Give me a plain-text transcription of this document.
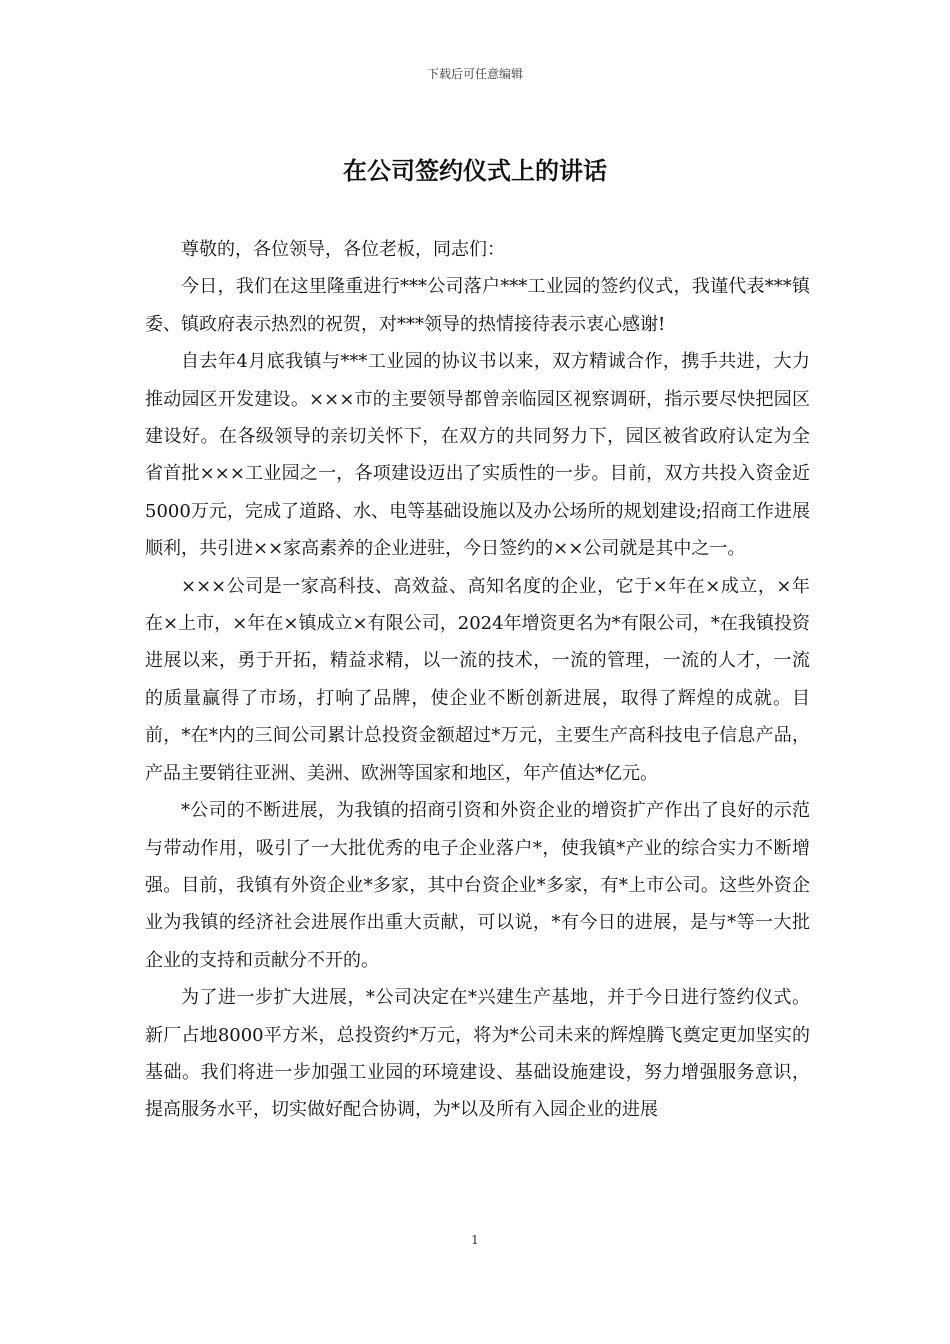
下载后可任意编辑
在公司签约仪式上的讲话

尊敬的，各位领导，各位老板，同志们：

今日，我们在这里隆重进行***公司落户***工业园的签约仪式，我谨代表***镇委、镇政府表示热烈的祝贺，对***领导的热情接待表示衷心感谢!

自去年4月底我镇与***工业园的协议书以来，双方精诚合作，携手共进，大力推动园区开发建设。×××市的主要领导都曾亲临园区视察调研，指示要尽快把园区建设好。在各级领导的亲切关怀下，在双方的共同努力下，园区被省政府认定为全省首批×××工业园之一，各项建设迈出了实质性的一步。目前，双方共投入资金近5000万元，完成了道路、水、电等基础设施以及办公场所的规划建设;招商工作进展顺利，共引进××家高素养的企业进驻，今日签约的××公司就是其中之一。

×××公司是一家高科技、高效益、高知名度的企业，它于×年在×成立，×年在×上市，×年在×镇成立×有限公司，2024年增资更名为*有限公司，*在我镇投资进展以来，勇于开拓，精益求精，以一流的技术，一流的管理，一流的人才，一流的质量赢得了市场，打响了品牌，使企业不断创新进展，取得了辉煌的成就。目前，*在*内的三间公司累计总投资金额超过*万元，主要生产高科技电子信息产品，产品主要销往亚洲、美洲、欧洲等国家和地区，年产值达*亿元。

*公司的不断进展，为我镇的招商引资和外资企业的增资扩产作出了良好的示范与带动作用，吸引了一大批优秀的电子企业落户*，使我镇*产业的综合实力不断增强。目前，我镇有外资企业*多家，其中台资企业*多家，有*上市公司。这些外资企业为我镇的经济社会进展作出重大贡献，可以说，*有今日的进展，是与*等一大批企业的支持和贡献分不开的。

为了进一步扩大进展，*公司决定在*兴建生产基地，并于今日进行签约仪式。新厂占地8000平方米，总投资约*万元，将为*公司未来的辉煌腾飞奠定更加坚实的基础。我们将进一步加强工业园的环境建设、基础设施建设，努力增强服务意识，提高服务水平，切实做好配合协调，为*以及所有入园企业的进展

1
